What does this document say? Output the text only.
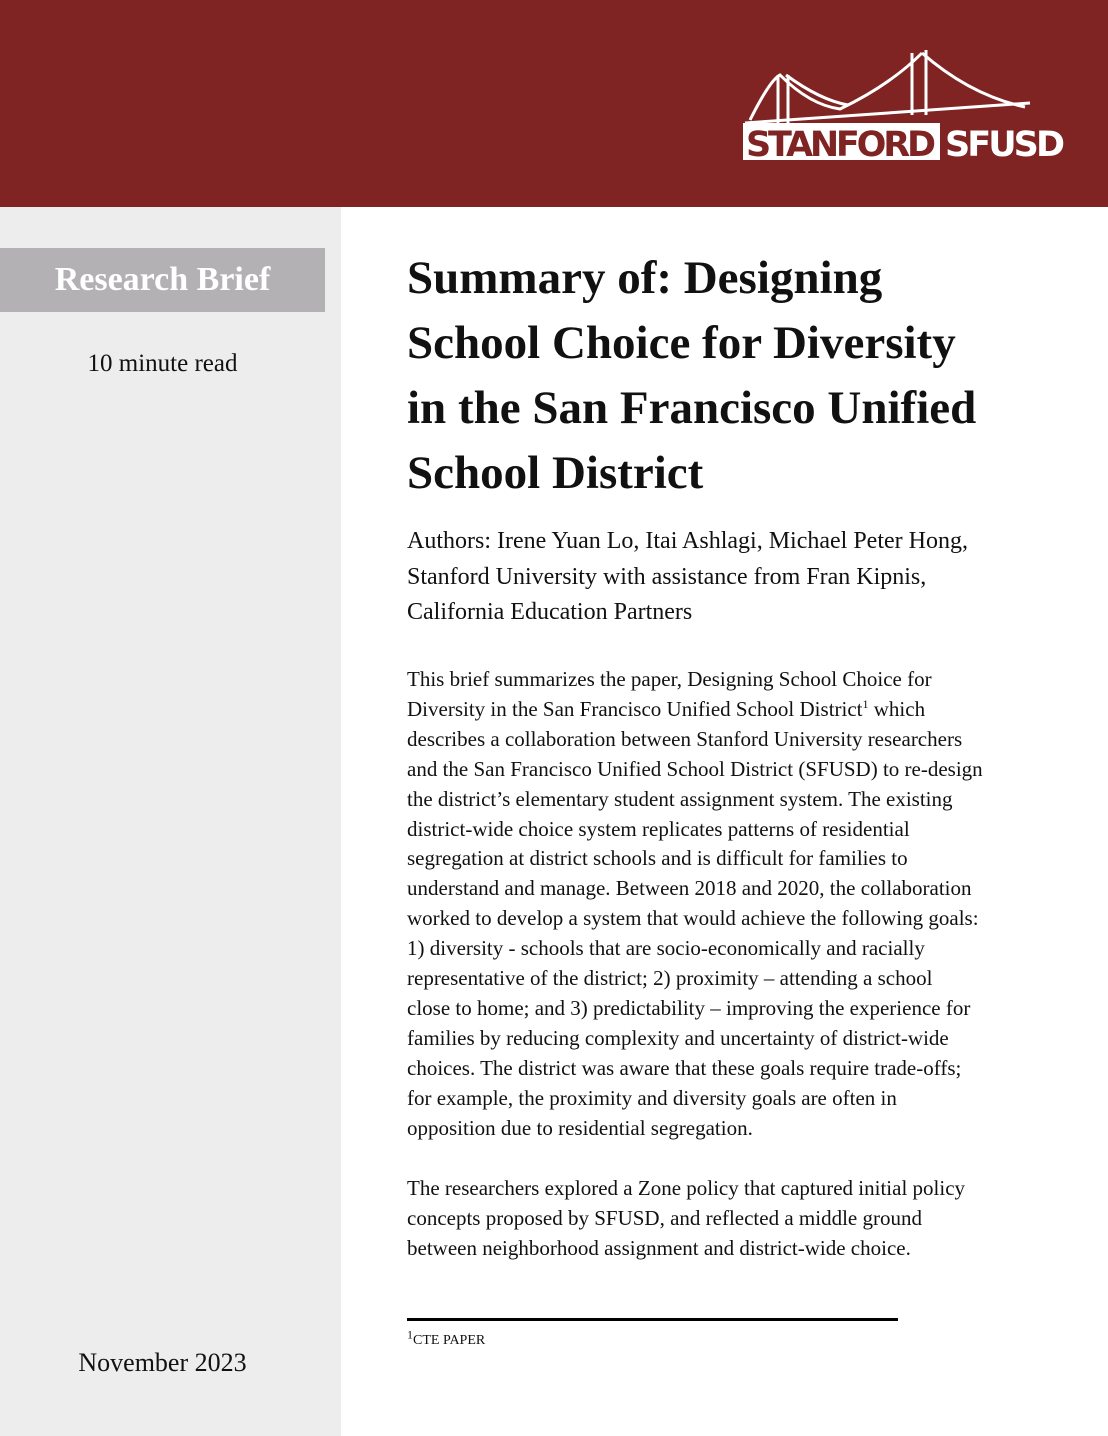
STANFORD SFUSD
Research Brief
10 minute read
November 2023
Summary of: Designing
School Choice for Diversity
in the San Francisco Unified
School District
Authors: Irene Yuan Lo, Itai Ashlagi, Michael Peter Hong,
Stanford University with assistance from Fran Kipnis,
California Education Partners
This brief summarizes the paper, Designing School Choice for
Diversity in the San Francisco Unified School District$^1$ which
describes a collaboration between Stanford University researchers
and the San Francisco Unified School District (SFUSD) to re-design
the district’s elementary student assignment system. The existing
district-wide choice system replicates patterns of residential
segregation at district schools and is difficult for families to
understand and manage. Between 2018 and 2020, the collaboration
worked to develop a system that would achieve the following goals:
1) diversity - schools that are socio-economically and racially
representative of the district; 2) proximity – attending a school
close to home; and 3) predictability – improving the experience for
families by reducing complexity and uncertainty of district-wide
choices. The district was aware that these goals require trade-offs;
for example, the proximity and diversity goals are often in
opposition due to residential segregation.
The researchers explored a Zone policy that captured initial policy
concepts proposed by SFUSD, and reflected a middle ground
between neighborhood assignment and district-wide choice.
$^1$CTE PAPER
